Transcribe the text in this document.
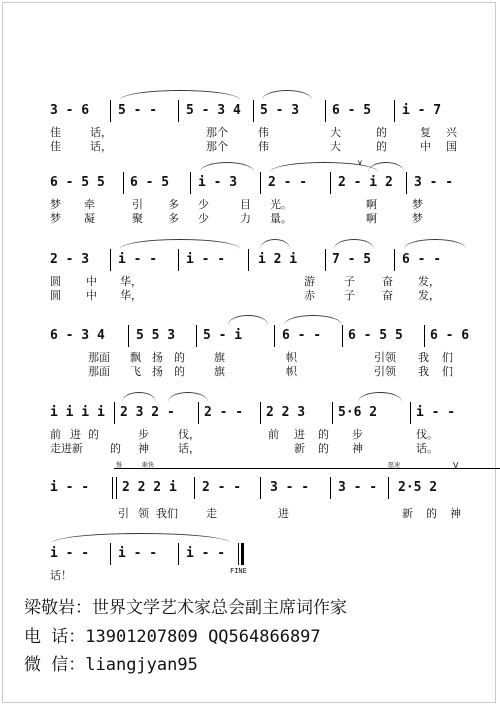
3 - 6 5 - - 5 - 3 4 5 - 3	6 - 5 i - 7
佳	话，	那个	伟	大	的	复 兴
佳	话，	那个	伟	大	的	中 国
6 - 5 5 6 - 5 i - 3 2 - - 2 - i 2 3 - -
梦 牵	引 多 少	目 光。	啊	梦
梦 凝	聚 多 少	力 量。	啊	梦
∨
2 - 3 i - - i - -	i 2 i	7 - 5 6 - -
圆 中 华，	游	子 奋 发，
圆 中 华，	赤	子 奋 发，
6 - 3 4 5 5 3 5 - i	6 - - 6 - 5 5 6 - 6
那面 飘 扬 的	旗	帜	引领 我 们
那面 飞 扬 的	旗	帜	引领 我 们
i i i i 2 3 2 - 2 - - 2 2 3	5·6 2	i - -
前 进 的	步	伐，	前 进 的 步	伐。
走进新 的 神	话，	新 的 神	话。
慢	渐快	愿速	V
i - -	2 2 2 i 2 - - 3 - - 3 - - 2·5 2
引 领 我们	走	进	新 的 神
i - - i - - i - -
FINE
话！
梁敬岩：世界文学艺术家总会副主席词作家
电 话：13901207809 QQ564866897
微 信：liangjyan95
